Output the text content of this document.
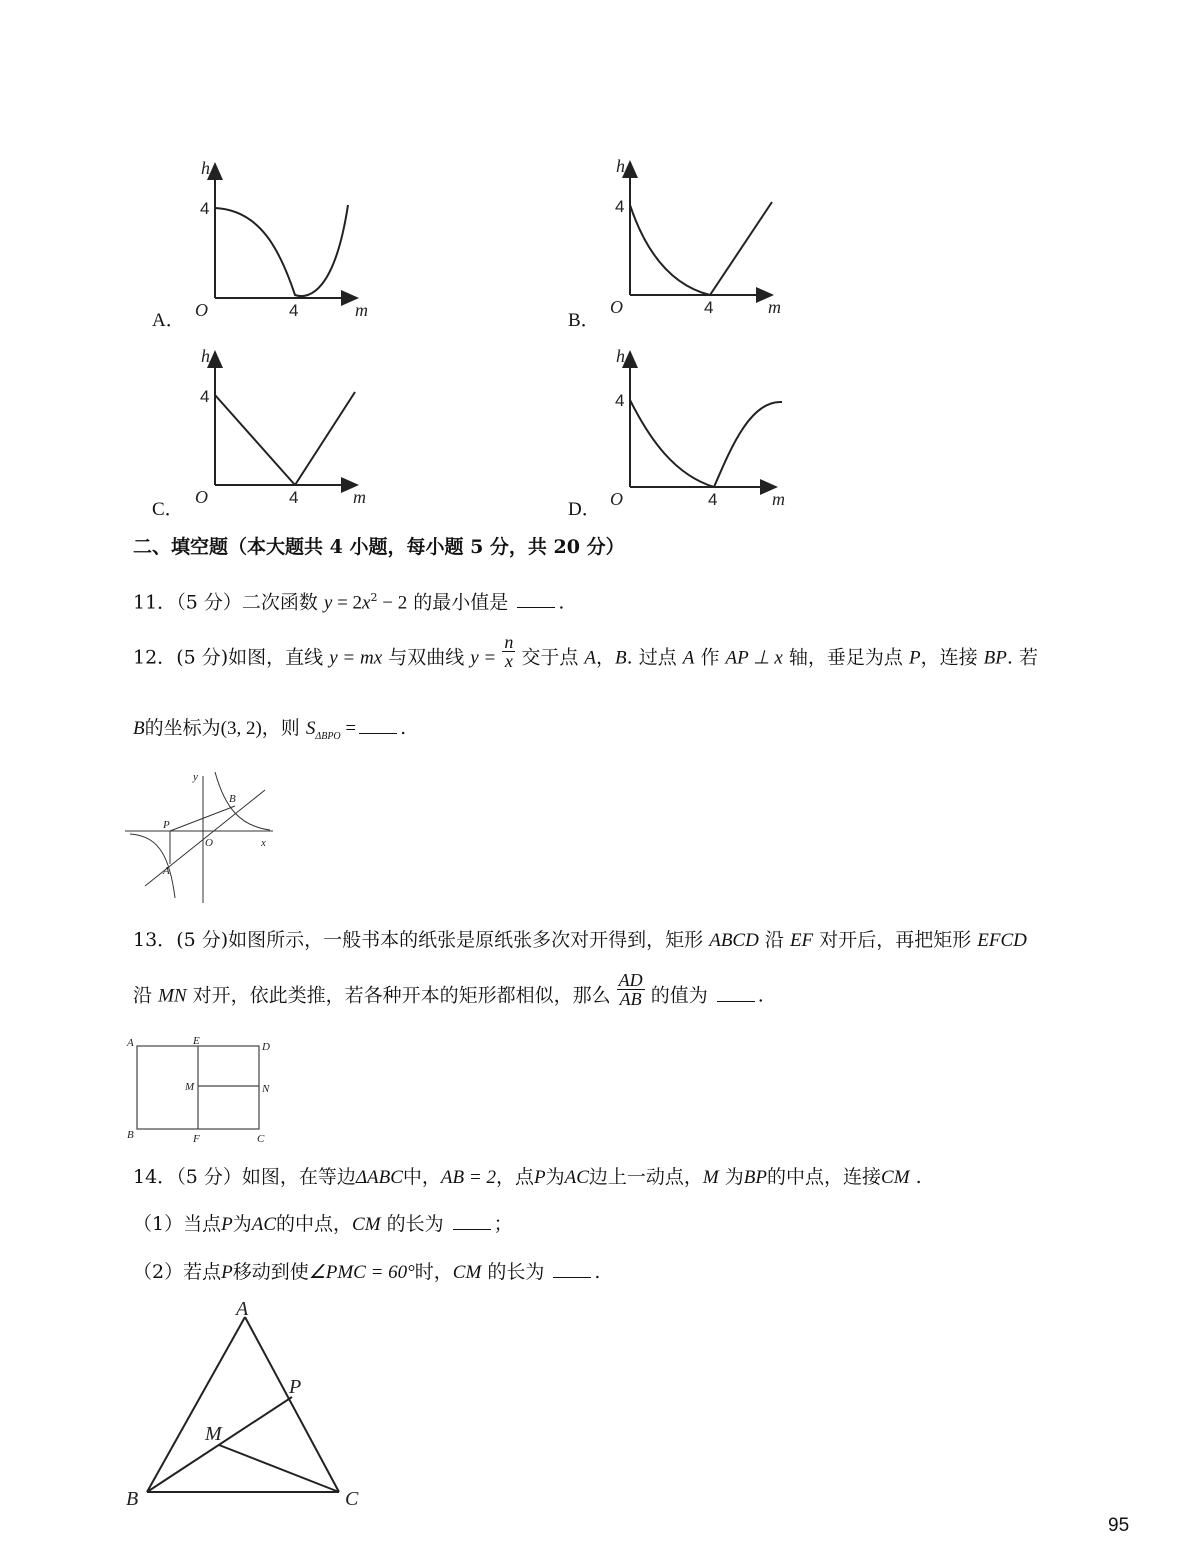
A．
h
4
O	4	m	B．
h
4
O	4	m
C．
h
4
O	4	m
D．
h
4
O	4	m
二、填空题（本大题共 4 小题，每小题 5 分，共 20 分）
11．（5 分）二次函数 $y = 2x^2 - 2$ 的最小值是	.
12．(5 分)如图，直线 y = mx 与双曲线 $y = \frac{n}{x}$ 交于点 A，B. 过点 A 作 AP ⊥ x 轴，垂足为点 P，连接 BP. 若
B的坐标为(3, 2)，则 $S_{\Delta BPO}$ = .
y
x
B
P
O
A
13．(5 分)如图所示，一般书本的纸张是原纸张多次对开得到，矩形 ABCD 沿 EF 对开后，再把矩形 EFCD
沿 MN 对开，依此类推，若各种开本的矩形都相似，那么 $\frac{AD}{AB}$ 的值为	.
A	E	D
M	N
B	F	C
14．（5 分）如图，在等边ΔABC中，AB = 2，点P为AC边上一动点，M 为BP的中点，连接CM .
（1）当点P为AC的中点，CM 的长为	；
（2）若点P移动到使∠PMC = 60°时，CM 的长为	.
A
P
M
B	C
95
